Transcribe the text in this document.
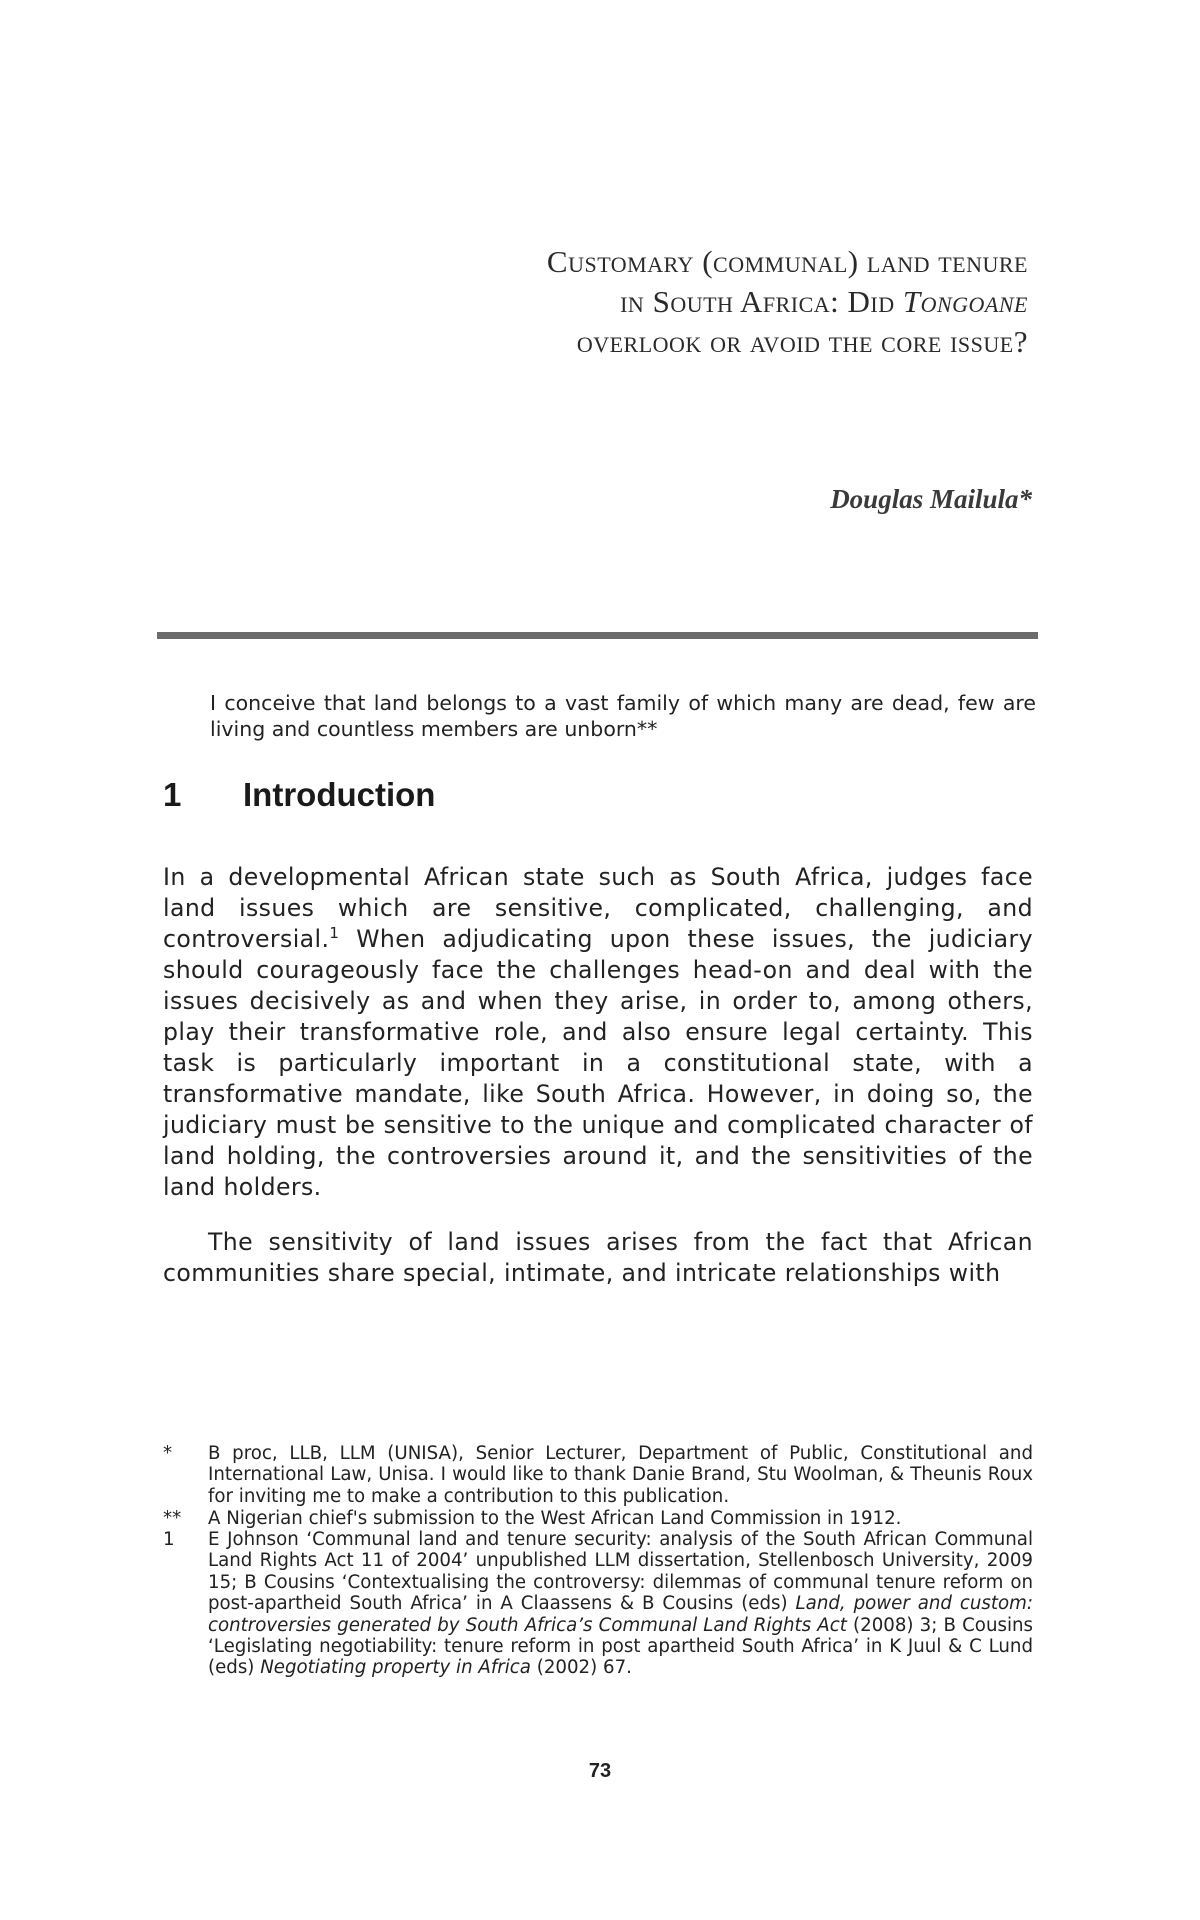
Customary (communal) land tenure
in South Africa: Did Tongoane
overlook or avoid the core issue?
Douglas Mailula*
I conceive that land belongs to a vast family of which many are dead, few are living and countless members are unborn**
1 Introduction
In a developmental African state such as South Africa, judges face land issues which are sensitive, complicated, challenging, and controversial.$^1$ When adjudicating upon these issues, the judiciary should courageously face the challenges head-on and deal with the issues decisively as and when they arise, in order to, among others, play their transformative role, and also ensure legal certainty. This task is particularly important in a constitutional state, with a transformative mandate, like South Africa. However, in doing so, the judiciary must be sensitive to the unique and complicated character of land holding, the controversies around it, and the sensitivities of the land holders.
The sensitivity of land issues arises from the fact that African communities share special, intimate, and intricate relationships with
*	B proc, LLB, LLM (UNISA), Senior Lecturer, Department of Public, Constitutional and International Law, Unisa. I would like to thank Danie Brand, Stu Woolman, & Theunis Roux for inviting me to make a contribution to this publication.
**	A Nigerian chief's submission to the West African Land Commission in 1912.
1	E Johnson ‘Communal land and tenure security: analysis of the South African Communal Land Rights Act 11 of 2004’ unpublished LLM dissertation, Stellenbosch University, 2009 15; B Cousins ‘Contextualising the controversy: dilemmas of communal tenure reform on post-apartheid South Africa’ in A Claassens & B Cousins (eds) Land, power and custom: controversies generated by South Africa’s Communal Land Rights Act (2008) 3; B Cousins ‘Legislating negotiability: tenure reform in post apartheid South Africa’ in K Juul & C Lund (eds) Negotiating property in Africa (2002) 67.
73
